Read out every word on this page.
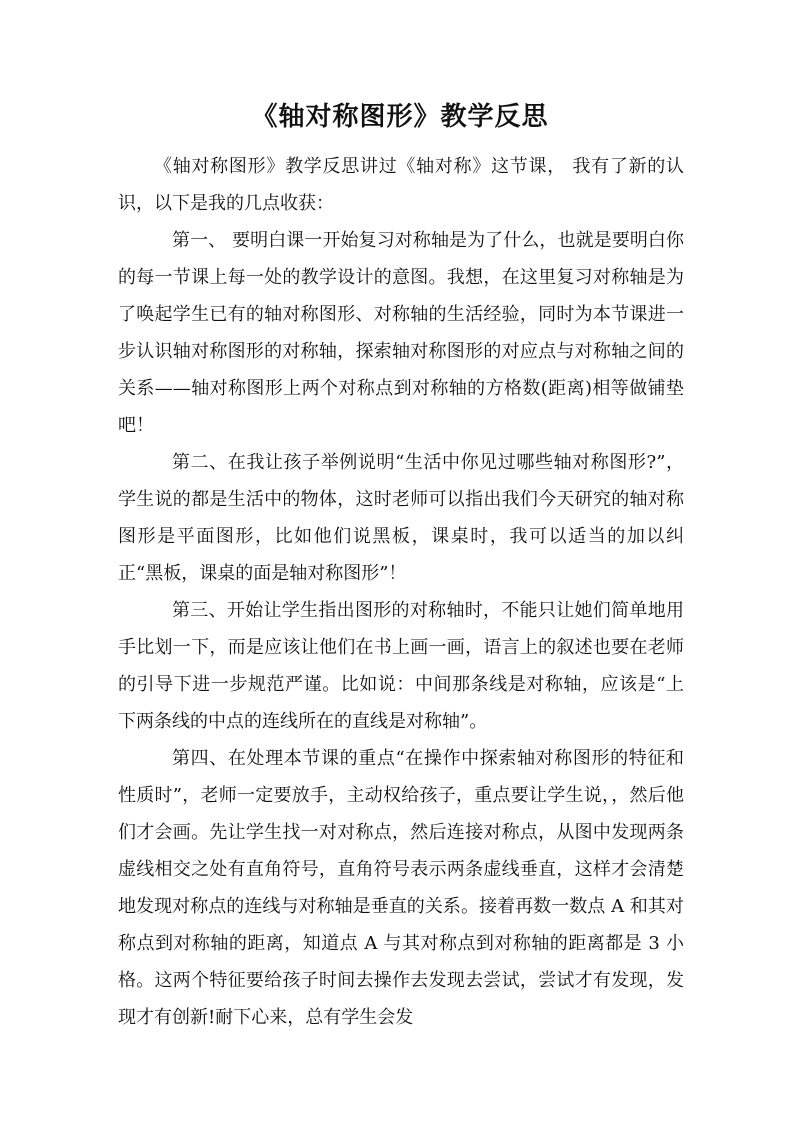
《轴对称图形》教学反思

《轴对称图形》教学反思讲过《轴对称》这节课， 我有了新的认识，以下是我的几点收获：

第一、 要明白课一开始复习对称轴是为了什么，也就是要明白你的每一节课上每一处的教学设计的意图。我想，在这里复习对称轴是为了唤起学生已有的轴对称图形、对称轴的生活经验，同时为本节课进一步认识轴对称图形的对称轴，探索轴对称图形的对应点与对称轴之间的关系——轴对称图形上两个对称点到对称轴的方格数(距离)相等做铺垫吧！

第二、在我让孩子举例说明“生活中你见过哪些轴对称图形?”，学生说的都是生活中的物体，这时老师可以指出我们今天研究的轴对称图形是平面图形，比如他们说黑板，课桌时，我可以适当的加以纠正“黑板，课桌的面是轴对称图形”！

第三、开始让学生指出图形的对称轴时，不能只让她们简单地用手比划一下，而是应该让他们在书上画一画，语言上的叙述也要在老师的引导下进一步规范严谨。比如说：中间那条线是对称轴，应该是“上下两条线的中点的连线所在的直线是对称轴”。

第四、在处理本节课的重点“在操作中探索轴对称图形的特征和性质时”，老师一定要放手，主动权给孩子，重点要让学生说，，然后他们才会画。先让学生找一对对称点，然后连接对称点，从图中发现两条虚线相交之处有直角符号，直角符号表示两条虚线垂直，这样才会清楚地发现对称点的连线与对称轴是垂直的关系。接着再数一数点 A 和其对称点到对称轴的距离，知道点 A 与其对称点到对称轴的距离都是 3 小格。这两个特征要给孩子时间去操作去发现去尝试，尝试才有发现，发现才有创新!耐下心来，总有学生会发
